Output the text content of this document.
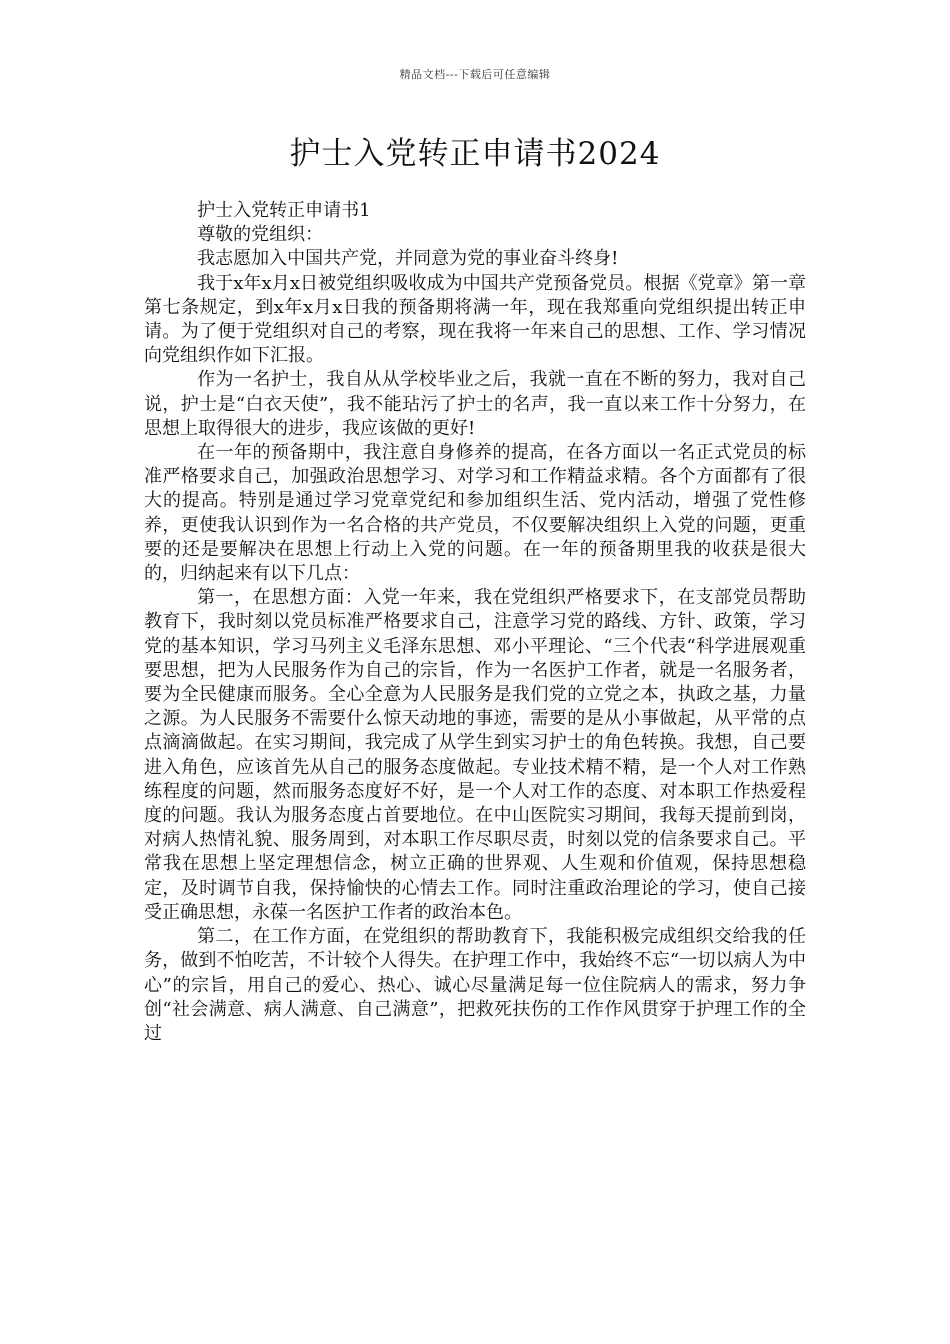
精品文档---下载后可任意编辑
护士入党转正申请书2024

护士入党转正申请书1

尊敬的党组织：

我志愿加入中国共产党，并同意为党的事业奋斗终身!

我于x年x月x日被党组织吸收成为中国共产党预备党员。根据《党章》第一章第七条规定，到x年x月x日我的预备期将满一年，现在我郑重向党组织提出转正申请。为了便于党组织对自己的考察，现在我将一年来自己的思想、工作、学习情况向党组织作如下汇报。

作为一名护士，我自从从学校毕业之后，我就一直在不断的努力，我对自己说，护士是“白衣天使”，我不能玷污了护士的名声，我一直以来工作十分努力，在思想上取得很大的进步，我应该做的更好!

在一年的预备期中，我注意自身修养的提高，在各方面以一名正式党员的标准严格要求自己，加强政治思想学习、对学习和工作精益求精。各个方面都有了很大的提高。特别是通过学习党章党纪和参加组织生活、党内活动，增强了党性修养，更使我认识到作为一名合格的共产党员，不仅要解决组织上入党的问题，更重要的还是要解决在思想上行动上入党的问题。在一年的预备期里我的收获是很大的，归纳起来有以下几点：

第一，在思想方面：入党一年来，我在党组织严格要求下，在支部党员帮助教育下，我时刻以党员标准严格要求自己，注意学习党的路线、方针、政策，学习党的基本知识，学习马列主义毛泽东思想、邓小平理论、“三个代表“科学进展观重要思想，把为人民服务作为自己的宗旨，作为一名医护工作者，就是一名服务者，要为全民健康而服务。全心全意为人民服务是我们党的立党之本，执政之基，力量之源。为人民服务不需要什么惊天动地的事迹，需要的是从小事做起，从平常的点点滴滴做起。在实习期间，我完成了从学生到实习护士的角色转换。我想，自己要进入角色，应该首先从自己的服务态度做起。专业技术精不精，是一个人对工作熟练程度的问题，然而服务态度好不好，是一个人对工作的态度、对本职工作热爱程度的问题。我认为服务态度占首要地位。在中山医院实习期间，我每天提前到岗，对病人热情礼貌、服务周到，对本职工作尽职尽责，时刻以党的信条要求自己。平常我在思想上坚定理想信念，树立正确的世界观、人生观和价值观，保持思想稳定，及时调节自我，保持愉快的心情去工作。同时注重政治理论的学习，使自己接受正确思想，永葆一名医护工作者的政治本色。

第二，在工作方面，在党组织的帮助教育下，我能积极完成组织交给我的任务，做到不怕吃苦，不计较个人得失。在护理工作中，我始终不忘“一切以病人为中心”的宗旨，用自己的爱心、热心、诚心尽量满足每一位住院病人的需求，努力争创“社会满意、病人满意、自己满意”，把救死扶伤的工作作风贯穿于护理工作的全过
